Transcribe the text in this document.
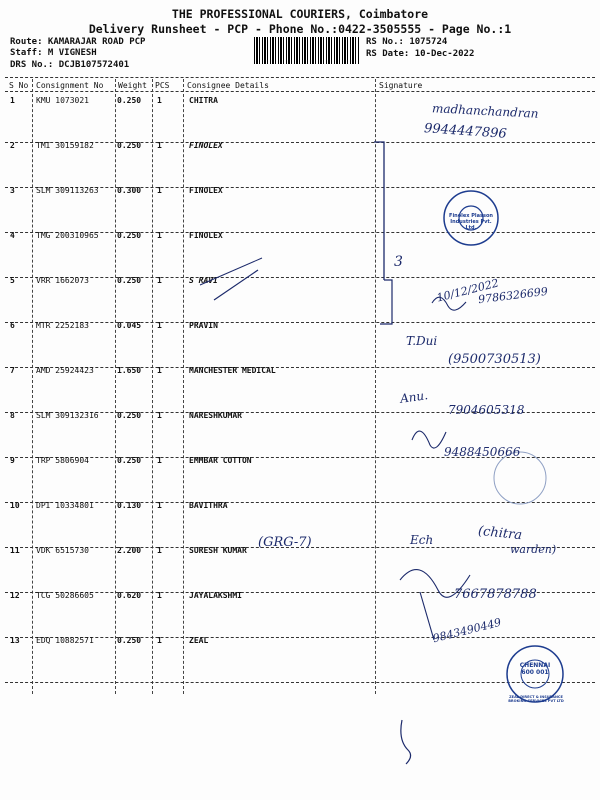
THE PROFESSIONAL COURIERS, Coimbatore
Delivery Runsheet - PCP - Phone No.:0422-3505555 - Page No.:1
Route: KAMARAJAR ROAD PCP
Staff: M VIGNESH
DRS No.: DCJB107572401
RS No.: 1075724
RS Date: 10-Dec-2022
S No Consignment No Weight PCS Consignee Details	Signature
1	KMU 1073021	0.250 1	CHITRA
2	TMI 30159182	0.250 1	FINOLEX
3	SLM 309113263 0.300 1	FINOLEX
4	TMG 200310965 0.250 1	FINOLEX
5	VRR 1662073	0.250 1	S RAVI
6	MTR 2252183	0.045 1	PRAVIN
7	AMD 25924423	1.650 1	MANCHESTER MEDICAL
8	SLM 309132316 0.250 1	NARESHKUMAR
9	TRP 5806904	0.250 1	EMMBAR COTTON
10 DPI 10334801	0.130 1	BAVITHRA
11 VDK 6515730	2.200 1	SURESH KUMAR
12 TCG 50286605	0.620 1	JAYALAKSHMI
13 EDQ 10882571	0.250 1	ZEAL
madhanchandran
9944447896
3
10/12/2022
9786326699
T.Dui
(9500730513)
Anu.
7904605318
9488450666
(GRG-7)	Ech	(chitra
warden)
7667878788
9843490449
Finolex Plasson Industries Pvt. Ltd.
CHENNAI
600 001
ZEAL DIRECT & INSURANCE BROKING SERVICES PVT LTD
